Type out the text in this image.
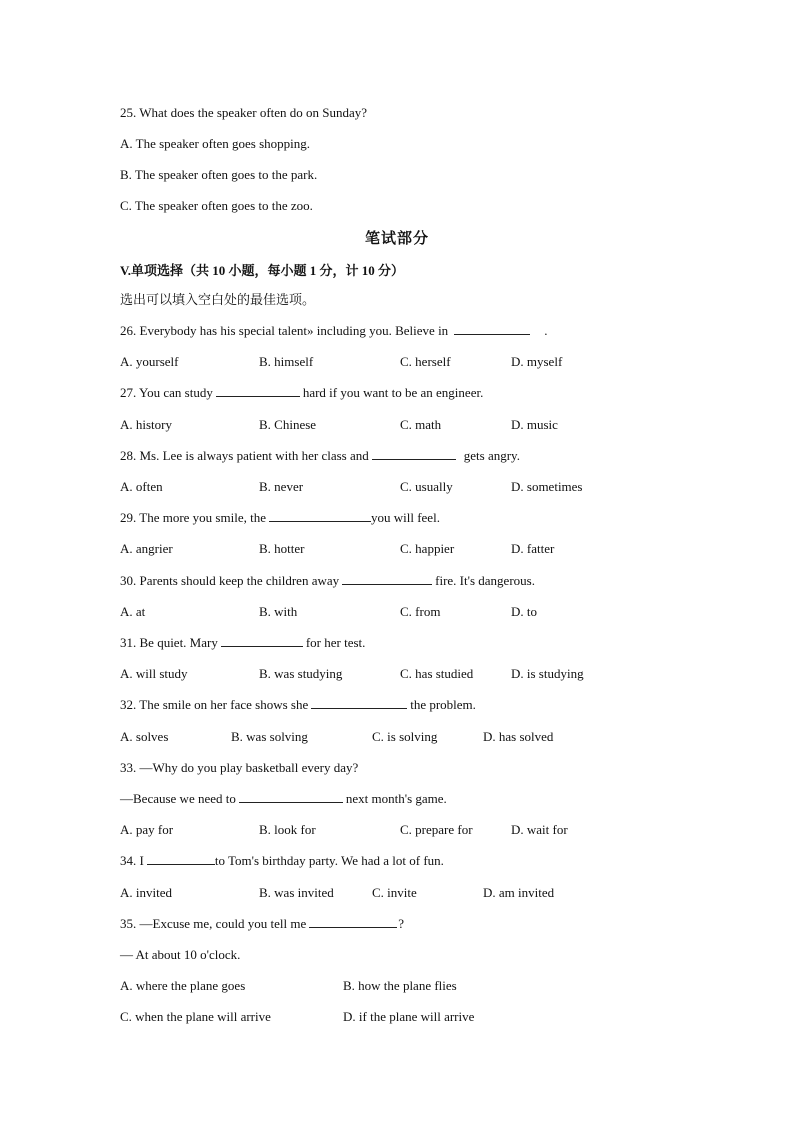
25. What does the speaker often do on Sunday?
A. The speaker often goes shopping.
B. The speaker often goes to the park.
C. The speaker often goes to the zoo.
笔试部分
V.单项选择（共 10 小题，每小题 1 分，计 10 分）
选出可以填入空白处的最佳选项。
26. Everybody has his special talent» including you. Believe in	.
A. yourself	B. himself	C. herself	D. myself
27. You can study	hard if you want to be an engineer.
A. history	B. Chinese	C. math	D. music
28. Ms. Lee is always patient with her class and	gets angry.
A. often	B. never	C. usually	D. sometimes
29. The more you smile, the	you will feel.
A. angrier	B. hotter	C. happier	D. fatter
30. Parents should keep the children away	fire. It's dangerous.
A. at	B. with	C. from	D. to
31. Be quiet. Mary	for her test.
A. will study	B. was studying	C. has studied	D. is studying
32. The smile on her face shows she	the problem.
A. solves	B. was solving	C. is solving	D. has solved
33. —Why do you play basketball every day?
—Because we need to	next month's game.
A. pay for	B. look for	C. prepare for	D. wait for
34. I	to Tom's birthday party. We had a lot of fun.
A. invited	B. was invited	C. invite	D. am invited
35. —Excuse me, could you tell me	?
— At about 10 o'clock.
A. where the plane goes	B. how the plane flies
C. when the plane will arrive	D. if the plane will arrive
